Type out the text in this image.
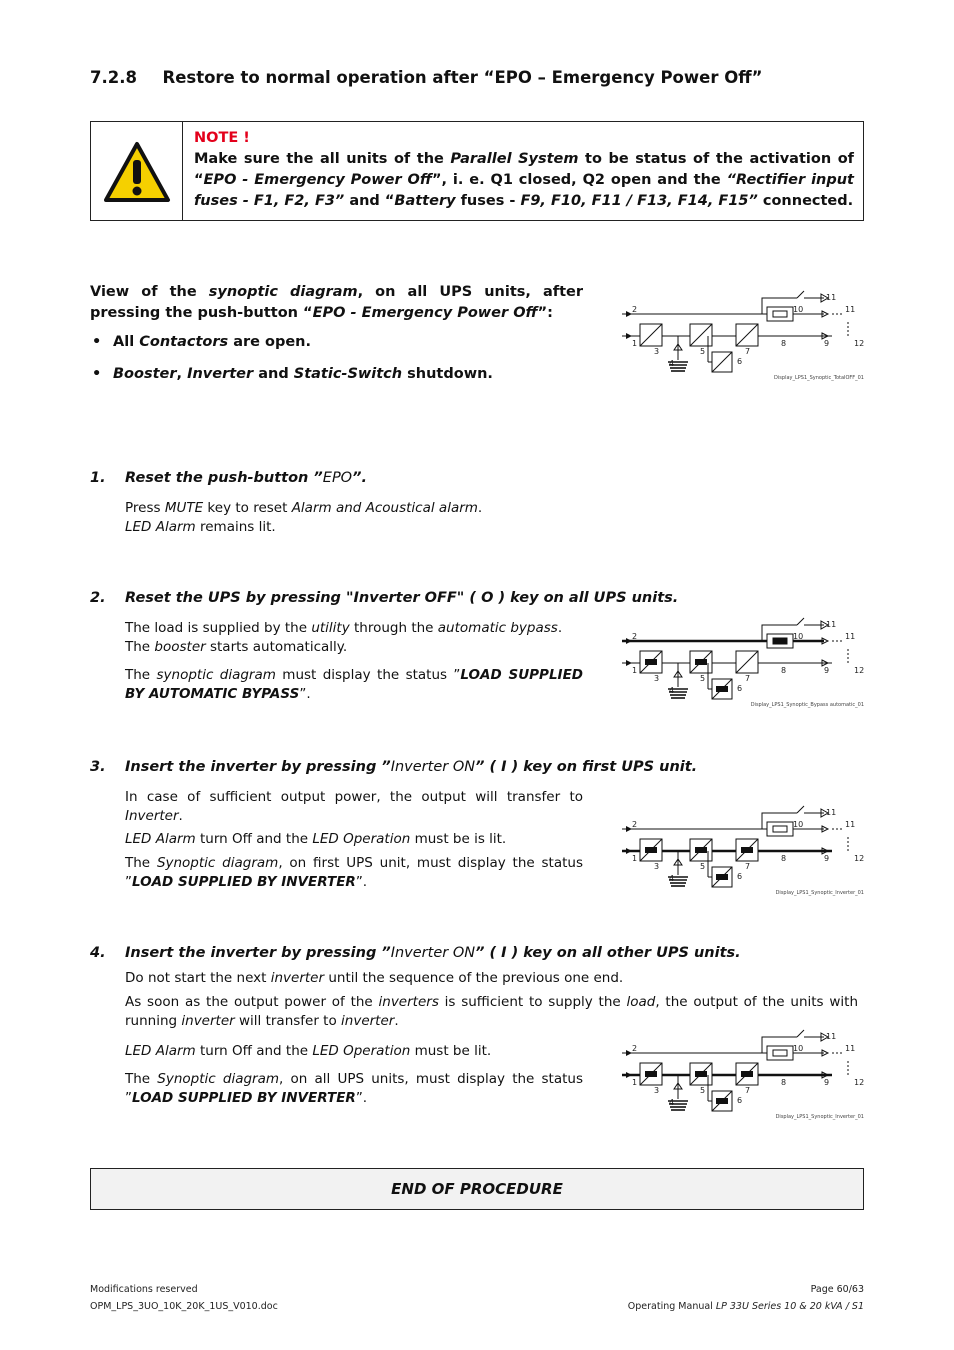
7.2.8 Restore to normal operation after “EPO – Emergency Power Off”
NOTE !
Make sure the all units of the Parallel System to be status of the activation of “EPO - Emergency Power Off”, i. e. Q1 closed, Q2 open and the “Rectifier input fuses - F1, F2, F3” and “Battery fuses - F9, F10, F11 / F13, F14, F15” connected.
View of the synoptic diagram, on all UPS units, after pressing the push-button “EPO - Emergency Power Off”:
• All Contactors are open.
• Booster, Inverter and Static-Switch shutdown.
1. Reset the push-button ”EPO”.
Press MUTE key to reset Alarm and Acoustical alarm.
LED Alarm remains lit.
2. Reset the UPS by pressing "Inverter OFF" ( O ) key on all UPS units.
The load is supplied by the utility through the automatic bypass.
The booster starts automatically.
The synoptic diagram must display the status ”LOAD SUPPLIED BY AUTOMATIC BYPASS”.
3. Insert the inverter by pressing ”Inverter ON” ( I ) key on first UPS unit.
In case of sufficient output power, the output will transfer to Inverter.
LED Alarm turn Off and the LED Operation must be is lit.
The Synoptic diagram, on first UPS unit, must display the status ”LOAD SUPPLIED BY INVERTER”.
4. Insert the inverter by pressing ”Inverter ON” ( I ) key on all other UPS units.
Do not start the next inverter until the sequence of the previous one end.
As soon as the output power of the inverters is sufficient to supply the load, the output of the units with running inverter will transfer to inverter.
LED Alarm turn Off and the LED Operation must be lit.
The Synoptic diagram, on all UPS units, must display the status ”LOAD SUPPLIED BY INVERTER”.
1
2
3
4
5
6
7
8	9
10
11
11
12
Display_LPS1_Synoptic_TotalOFF_01
1
2
3
4
5
6
7
8	9
10
11
11
12
Display_LPS1_Synoptic_Bypass automatic_01
1
2
3
4
5
6
7
8	9
10
11
11
12
Display_LPS1_Synoptic_Inverter_01
1
2
3
4
5
6
7
8	9
10
11
11
12
Display_LPS1_Synoptic_Inverter_01
END OF PROCEDURE
Modifications reserved
OPM_LPS_3UO_10K_20K_1US_V010.doc
Page 60/63
Operating Manual LP 33U Series 10 & 20 kVA / S1
